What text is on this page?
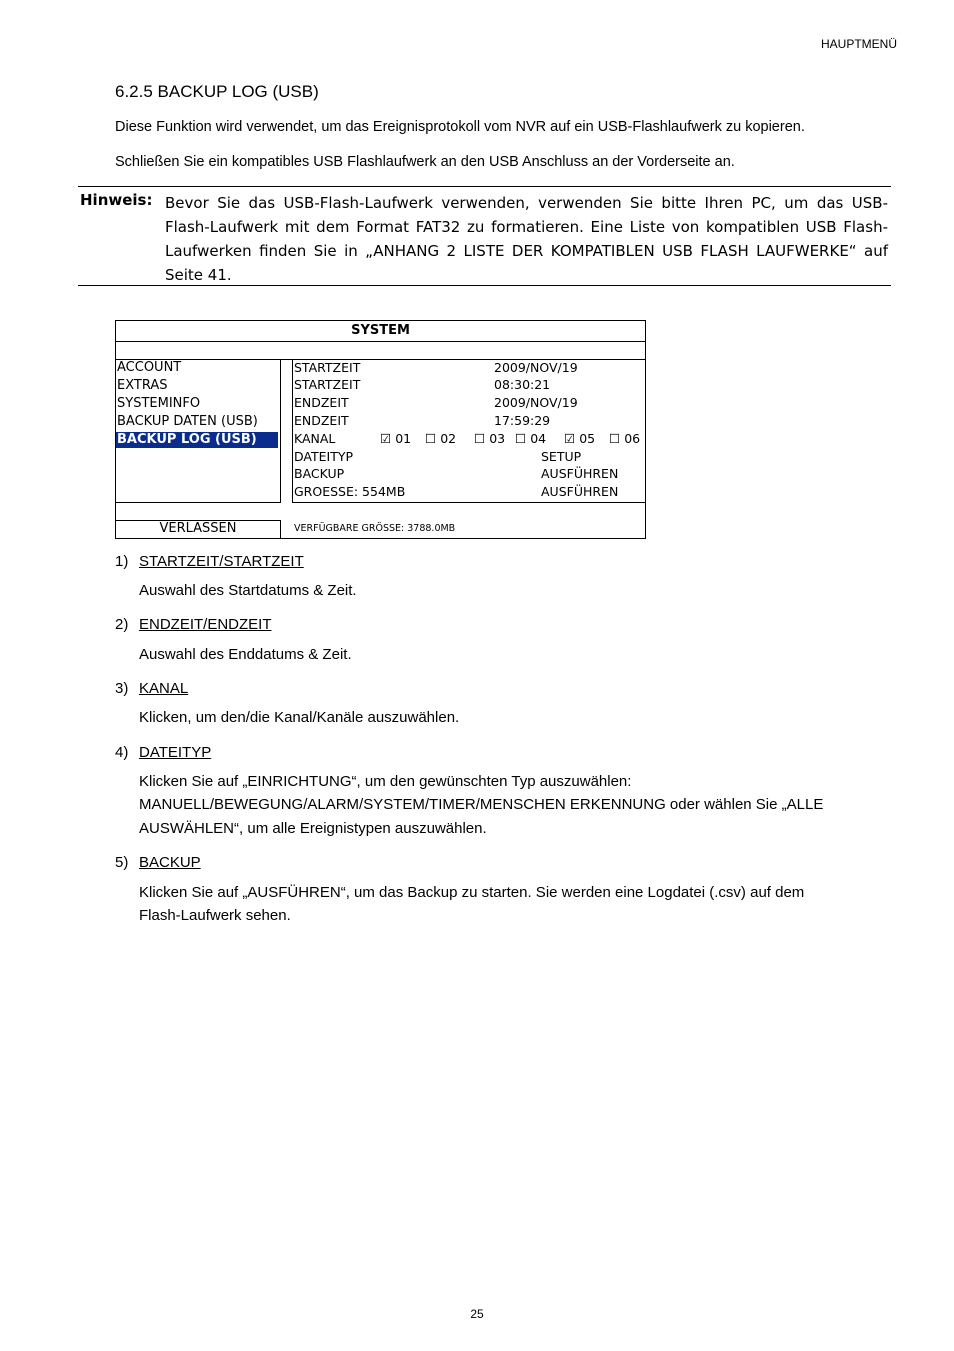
HAUPTMENÜ
6.2.5 BACKUP LOG (USB)
Diese Funktion wird verwendet, um das Ereignisprotokoll vom NVR auf ein USB-Flashlaufwerk zu kopieren.
Schließen Sie ein kompatibles USB Flashlaufwerk an den USB Anschluss an der Vorderseite an.
Hinweis: Bevor Sie das USB-Flash-Laufwerk verwenden, verwenden Sie bitte Ihren PC, um das USB-Flash-Laufwerk mit dem Format FAT32 zu formatieren. Eine Liste von kompatiblen USB Flash-Laufwerken finden Sie in „ANHANG 2 LISTE DER KOMPATIBLEN USB FLASH LAUFWERKE“ auf Seite 41.
SYSTEM
ACCOUNT
EXTRAS
SYSTEMINFO
BACKUP DATEN (USB)
BACKUP LOG (USB)
STARTZEIT	2009/NOV/19
STARTZEIT	08:30:21
ENDZEIT	2009/NOV/19
ENDZEIT	17:59:29
KANAL	☑ 01 ☐ 02 ☐ 03 ☐ 04 ☑ 05 ☐ 06
DATEITYP	SETUP
BACKUP	AUSFÜHREN
GROESSE: 554MB	AUSFÜHREN
VERLASSEN	VERFÜGBARE GRÖSSE: 3788.0MB
1) STARTZEIT/STARTZEIT
Auswahl des Startdatums & Zeit.
2) ENDZEIT/ENDZEIT
Auswahl des Enddatums & Zeit.
3) KANAL
Klicken, um den/die Kanal/Kanäle auszuwählen.
4) DATEITYP
Klicken Sie auf „EINRICHTUNG“, um den gewünschten Typ auszuwählen:
MANUELL/BEWEGUNG/ALARM/SYSTEM/TIMER/MENSCHEN ERKENNUNG oder wählen Sie „ALLE
AUSWÄHLEN“, um alle Ereignistypen auszuwählen.
5) BACKUP
Klicken Sie auf „AUSFÜHREN“, um das Backup zu starten. Sie werden eine Logdatei (.csv) auf dem
Flash-Laufwerk sehen.
25
